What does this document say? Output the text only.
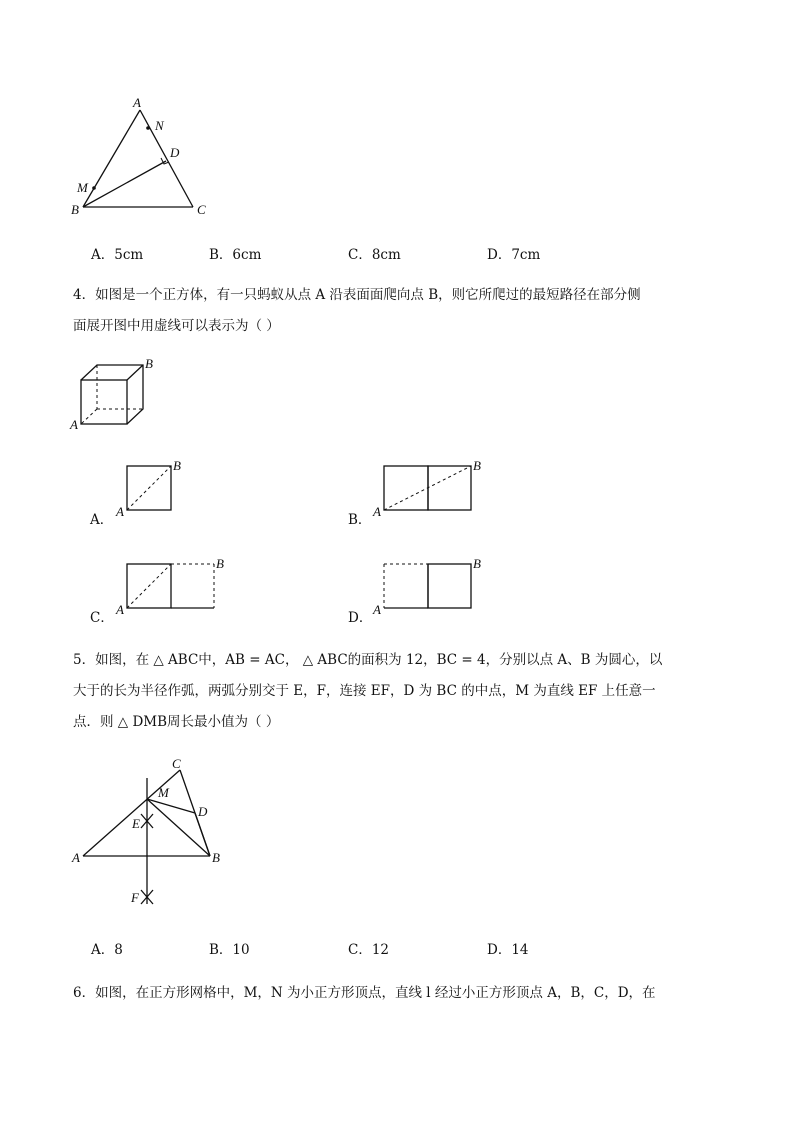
A
N
D
M
B	C
A．5cm	B．6cm	C．8cm	D．7cm
4．如图是一个正方体，有一只蚂蚁从点 A 沿表面面爬向点 B，则它所爬过的最短路径在部分侧
面展开图中用虚线可以表示为（ ）
B
A
A．
B
A
B．
B
A
C．
B
A
D．
B
A
5．如图，在 △ ABC中，AB = AC， △ ABC的面积为 12，BC = 4，分别以点 A、B 为圆心，以
大于的长为半径作弧，两弧分别交于 E，F，连接 EF，D 为 BC 的中点，M 为直线 EF 上任意一
点．则 △ DMB周长最小值为（ ）
C
M
D
E
A	B
F
A．8	B．10	C．12	D．14
6．如图，在正方形网格中，M，N 为小正方形顶点，直线 l 经过小正方形顶点 A，B，C，D，在
